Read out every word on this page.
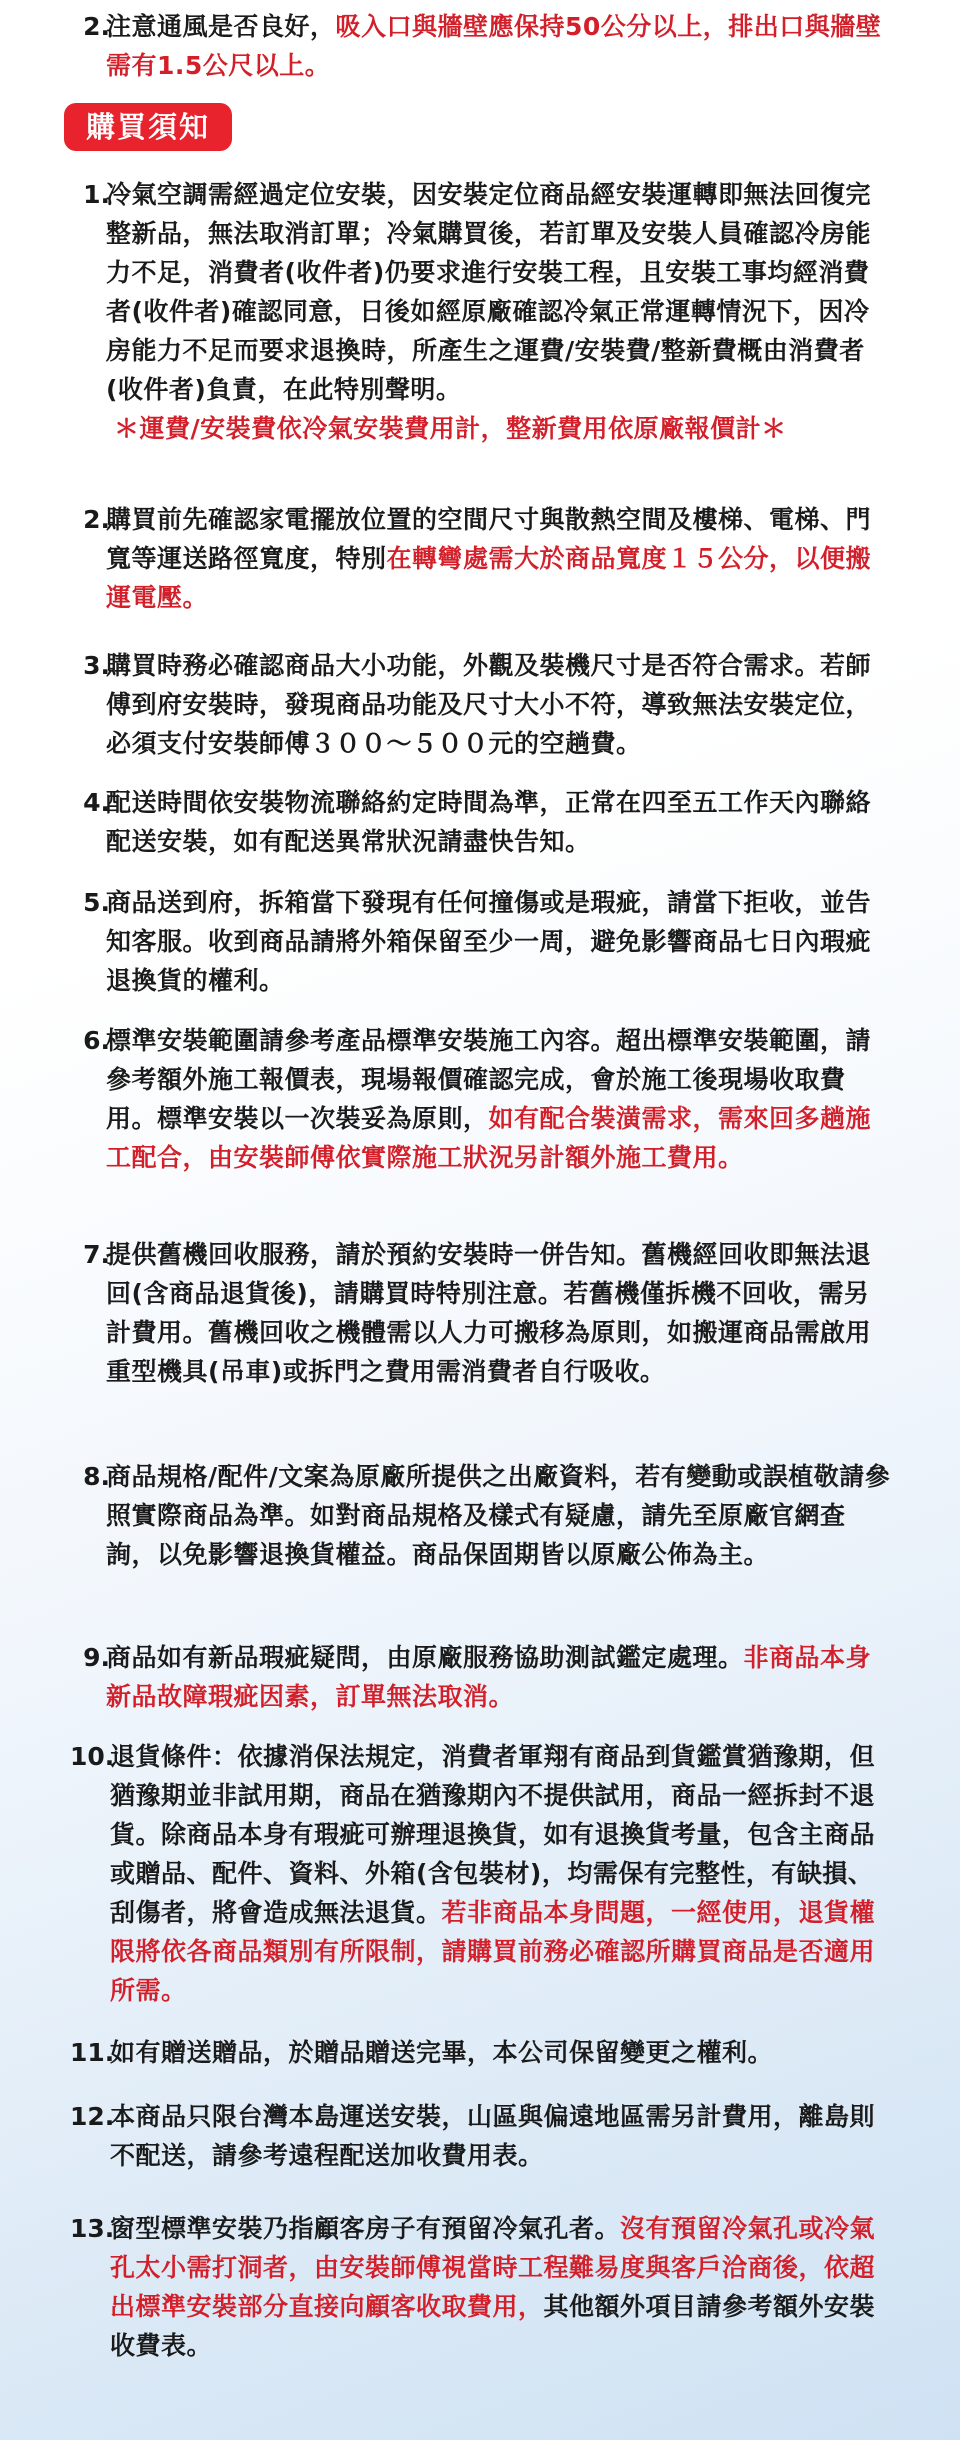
2.
注意通風是否良好，吸入口與牆壁應保持50公分以上，排出口與牆壁需有1.5公尺以上。
購買須知
1.
冷氣空調需經過定位安裝，因安裝定位商品經安裝運轉即無法回復完整新品，無法取消訂單；冷氣購買後，若訂單及安裝人員確認冷房能力不足，消費者(收件者)仍要求進行安裝工程，且安裝工事均經消費者(收件者)確認同意，日後如經原廠確認冷氣正常運轉情況下，因冷房能力不足而要求退換時，所產生之運費/安裝費/整新費概由消費者(收件者)負責，在此特別聲明。
＊運費/安裝費依冷氣安裝費用計，整新費用依原廠報價計＊
2.
購買前先確認家電擺放位置的空間尺寸與散熱空間及樓梯、電梯、門寬等運送路徑寬度，特別在轉彎處需大於商品寬度１５公分，以便搬運電壓。
3.
購買時務必確認商品大小功能，外觀及裝機尺寸是否符合需求。若師傅到府安裝時，發現商品功能及尺寸大小不符，導致無法安裝定位，必須支付安裝師傅３００～５００元的空趟費。
4.
配送時間依安裝物流聯絡約定時間為準，正常在四至五工作天內聯絡配送安裝，如有配送異常狀況請盡快告知。
5.
商品送到府，拆箱當下發現有任何撞傷或是瑕疵，請當下拒收，並告知客服。收到商品請將外箱保留至少一周，避免影響商品七日內瑕疵退換貨的權利。
6.
標準安裝範圍請參考產品標準安裝施工內容。超出標準安裝範圍，請參考額外施工報價表，現場報價確認完成，會於施工後現場收取費用。標準安裝以一次裝妥為原則，如有配合裝潢需求，需來回多趟施工配合，由安裝師傅依實際施工狀況另計額外施工費用。
7.
提供舊機回收服務，請於預約安裝時一併告知。舊機經回收即無法退回(含商品退貨後)，請購買時特別注意。若舊機僅拆機不回收，需另計費用。舊機回收之機體需以人力可搬移為原則，如搬運商品需啟用重型機具(吊車)或拆門之費用需消費者自行吸收。
8.
商品規格/配件/文案為原廠所提供之出廠資料，若有變動或誤植敬請參照實際商品為準。如對商品規格及樣式有疑慮，請先至原廠官網查詢，以免影響退換貨權益。商品保固期皆以原廠公佈為主。
9.
商品如有新品瑕疵疑問，由原廠服務協助測試鑑定處理。非商品本身新品故障瑕疵因素，訂單無法取消。
10.
退貨條件：依據消保法規定，消費者軍翔有商品到貨鑑賞猶豫期，但猶豫期並非試用期，商品在猶豫期內不提供試用，商品一經拆封不退貨。除商品本身有瑕疵可辦理退換貨，如有退換貨考量，包含主商品或贈品、配件、資料、外箱(含包裝材)，均需保有完整性，有缺損、刮傷者，將會造成無法退貨。若非商品本身問題，一經使用，退貨權限將依各商品類別有所限制，請購買前務必確認所購買商品是否適用所需。
11.
如有贈送贈品，於贈品贈送完畢，本公司保留變更之權利。
12.
本商品只限台灣本島運送安裝，山區與偏遠地區需另計費用，離島則不配送，請參考遠程配送加收費用表。
13.
窗型標準安裝乃指顧客房子有預留冷氣孔者。沒有預留冷氣孔或冷氣孔太小需打洞者，由安裝師傅視當時工程難易度與客戶洽商後，依超出標準安裝部分直接向顧客收取費用，其他額外項目請參考額外安裝收費表。
